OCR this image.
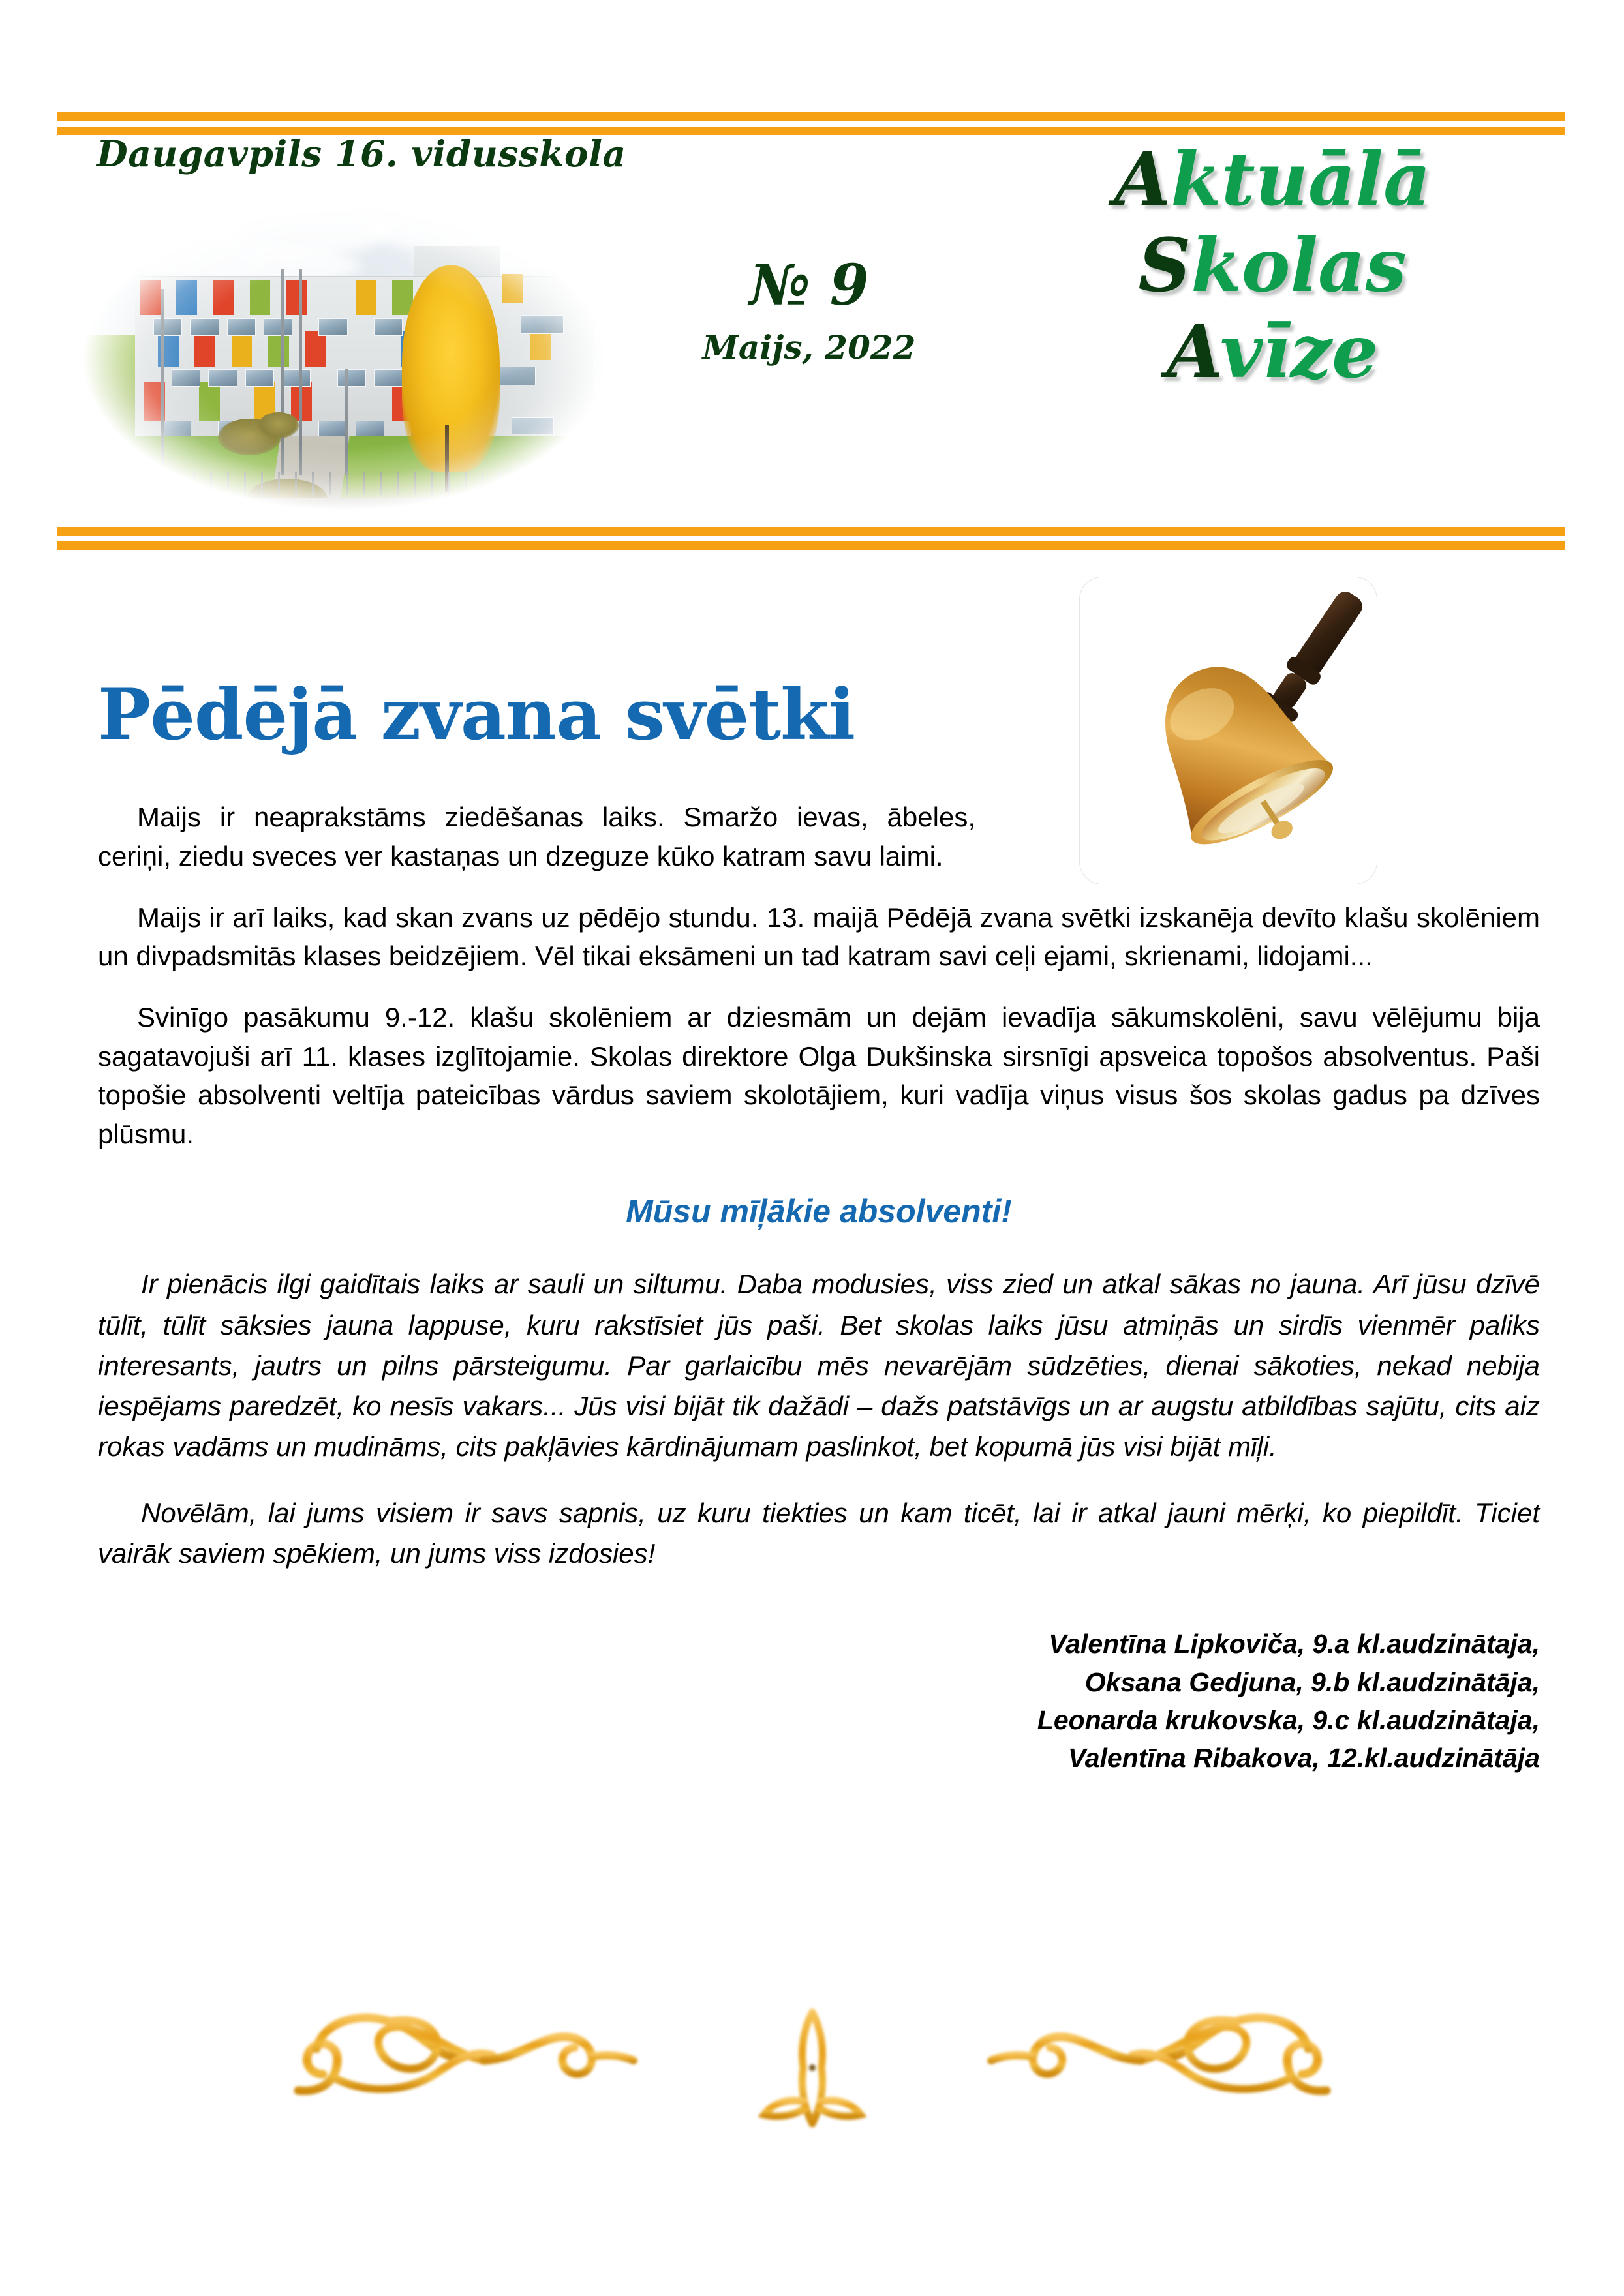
Daugavpils 16. vidusskola
№ 9
Maijs, 2022
Aktuālā
Skolas
Avīze
Pēdējā zvana svētki

Maijs ir neaprakstāms ziedēšanas laiks. Smaržo ievas, ābeles, ceriņi, ziedu sveces ver kastaņas un dzeguze kūko katram savu laimi.

Maijs ir arī laiks, kad skan zvans uz pēdējo stundu. 13. maijā Pēdējā zvana svētki izskanēja devīto klašu skolēniem un divpadsmitās klases beidzējiem. Vēl tikai eksāmeni un tad katram savi ceļi ejami, skrienami, lidojami...

Svinīgo pasākumu 9.-12. klašu skolēniem ar dziesmām un dejām ievadīja sākumskolēni, savu vēlējumu bija sagatavojuši arī 11. klases izglītojamie. Skolas direktore Olga Dukšinska sirsnīgi apsveica topošos absolventus. Paši topošie absolventi veltīja pateicības vārdus saviem skolotājiem, kuri vadīja viņus visus šos skolas gadus pa dzīves plūsmu.

Mūsu mīļākie absolventi!

Ir pienācis ilgi gaidītais laiks ar sauli un siltumu. Daba modusies, viss zied un atkal sākas no jauna. Arī jūsu dzīvē tūlīt, tūlīt sāksies jauna lappuse, kuru rakstīsiet jūs paši. Bet skolas laiks jūsu atmiņās un sirdīs vienmēr paliks interesants, jautrs un pilns pārsteigumu. Par garlaicību mēs nevarējām sūdzēties, dienai sākoties, nekad nebija iespējams paredzēt, ko nesīs vakars... Jūs visi bijāt tik dažādi – dažs patstāvīgs un ar augstu atbildības sajūtu, cits aiz rokas vadāms un mudināms, cits pakļāvies kārdinājumam paslinkot, bet kopumā jūs visi bijāt mīļi.

Novēlām, lai jums visiem ir savs sapnis, uz kuru tiekties un kam ticēt, lai ir atkal jauni mērķi, ko piepildīt. Ticiet vairāk saviem spēkiem, un jums viss izdosies!

Valentīna Lipkoviča, 9.a kl.audzinātaja,
Oksana Gedjuna, 9.b kl.audzinātāja,
Leonarda krukovska, 9.c kl.audzinātaja,
Valentīna Ribakova, 12.kl.audzinātāja
